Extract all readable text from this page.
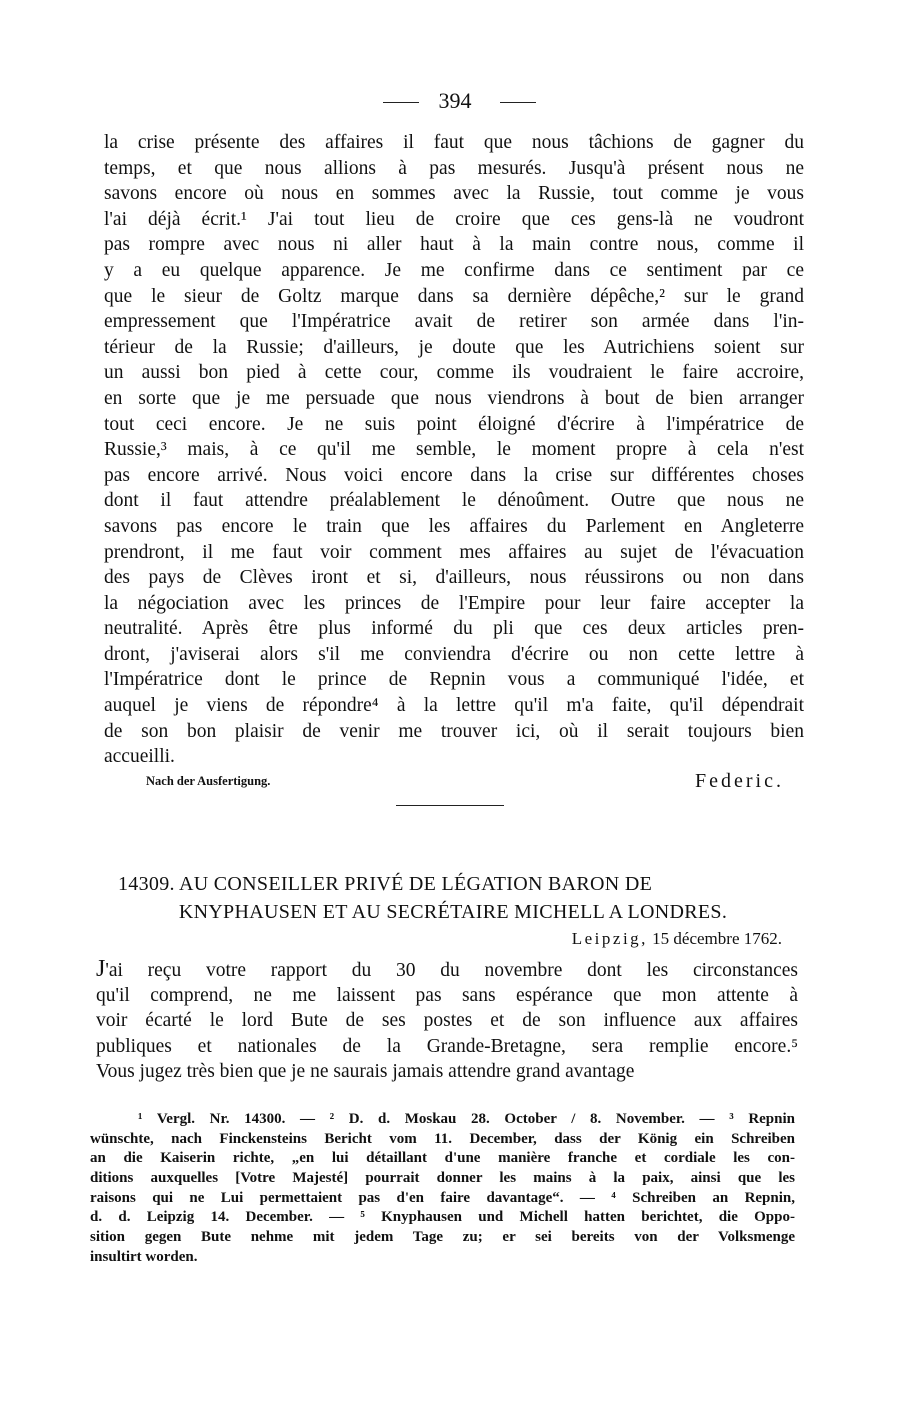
394
la crise présente des affaires il faut que nous tâchions de gagner du
temps, et que nous allions à pas mesurés. Jusqu'à présent nous ne
savons encore où nous en sommes avec la Russie, tout comme je vous
l'ai déjà écrit.¹ J'ai tout lieu de croire que ces gens-là ne voudront
pas rompre avec nous ni aller haut à la main contre nous, comme il
y a eu quelque apparence. Je me confirme dans ce sentiment par ce
que le sieur de Goltz marque dans sa dernière dépêche,² sur le grand
empressement que l'Impératrice avait de retirer son armée dans l'in-
térieur de la Russie; d'ailleurs, je doute que les Autrichiens soient sur
un aussi bon pied à cette cour, comme ils voudraient le faire accroire,
en sorte que je me persuade que nous viendrons à bout de bien arranger
tout ceci encore. Je ne suis point éloigné d'écrire à l'impératrice de
Russie,³ mais, à ce qu'il me semble, le moment propre à cela n'est
pas encore arrivé. Nous voici encore dans la crise sur différentes choses
dont il faut attendre préalablement le dénoûment. Outre que nous ne
savons pas encore le train que les affaires du Parlement en Angleterre
prendront, il me faut voir comment mes affaires au sujet de l'évacuation
des pays de Clèves iront et si, d'ailleurs, nous réussirons ou non dans
la négociation avec les princes de l'Empire pour leur faire accepter la
neutralité. Après être plus informé du pli que ces deux articles pren-
dront, j'aviserai alors s'il me conviendra d'écrire ou non cette lettre à
l'Impératrice dont le prince de Repnin vous a communiqué l'idée, et
auquel je viens de répondre⁴ à la lettre qu'il m'a faite, qu'il dépendrait
de son bon plaisir de venir me trouver ici, où il serait toujours bien
accueilli.
Nach der Ausfertigung.	Federic.
14309. AU CONSEILLER PRIVÉ DE LÉGATION BARON DE
KNYPHAUSEN ET AU SECRÉTAIRE MICHELL A LONDRES.
Leipzig, 15 décembre 1762.
J'ai reçu votre rapport du 30 du novembre dont les circonstances
qu'il comprend, ne me laissent pas sans espérance que mon attente à
voir écarté le lord Bute de ses postes et de son influence aux affaires
publiques et nationales de la Grande-Bretagne, sera remplie encore.⁵
Vous jugez très bien que je ne saurais jamais attendre grand avantage
¹ Vergl. Nr. 14300. — ² D. d. Moskau 28. October / 8. November. — ³ Repnin
wünschte, nach Finckensteins Bericht vom 11. December, dass der König ein Schreiben
an die Kaiserin richte, „en lui détaillant d'une manière franche et cordiale les con-
ditions auxquelles [Votre Majesté] pourrait donner les mains à la paix, ainsi que les
raisons qui ne Lui permettaient pas d'en faire davantage“. — ⁴ Schreiben an Repnin,
d. d. Leipzig 14. December. — ⁵ Knyphausen und Michell hatten berichtet, die Oppo-
sition gegen Bute nehme mit jedem Tage zu; er sei bereits von der Volksmenge
insultirt worden.
